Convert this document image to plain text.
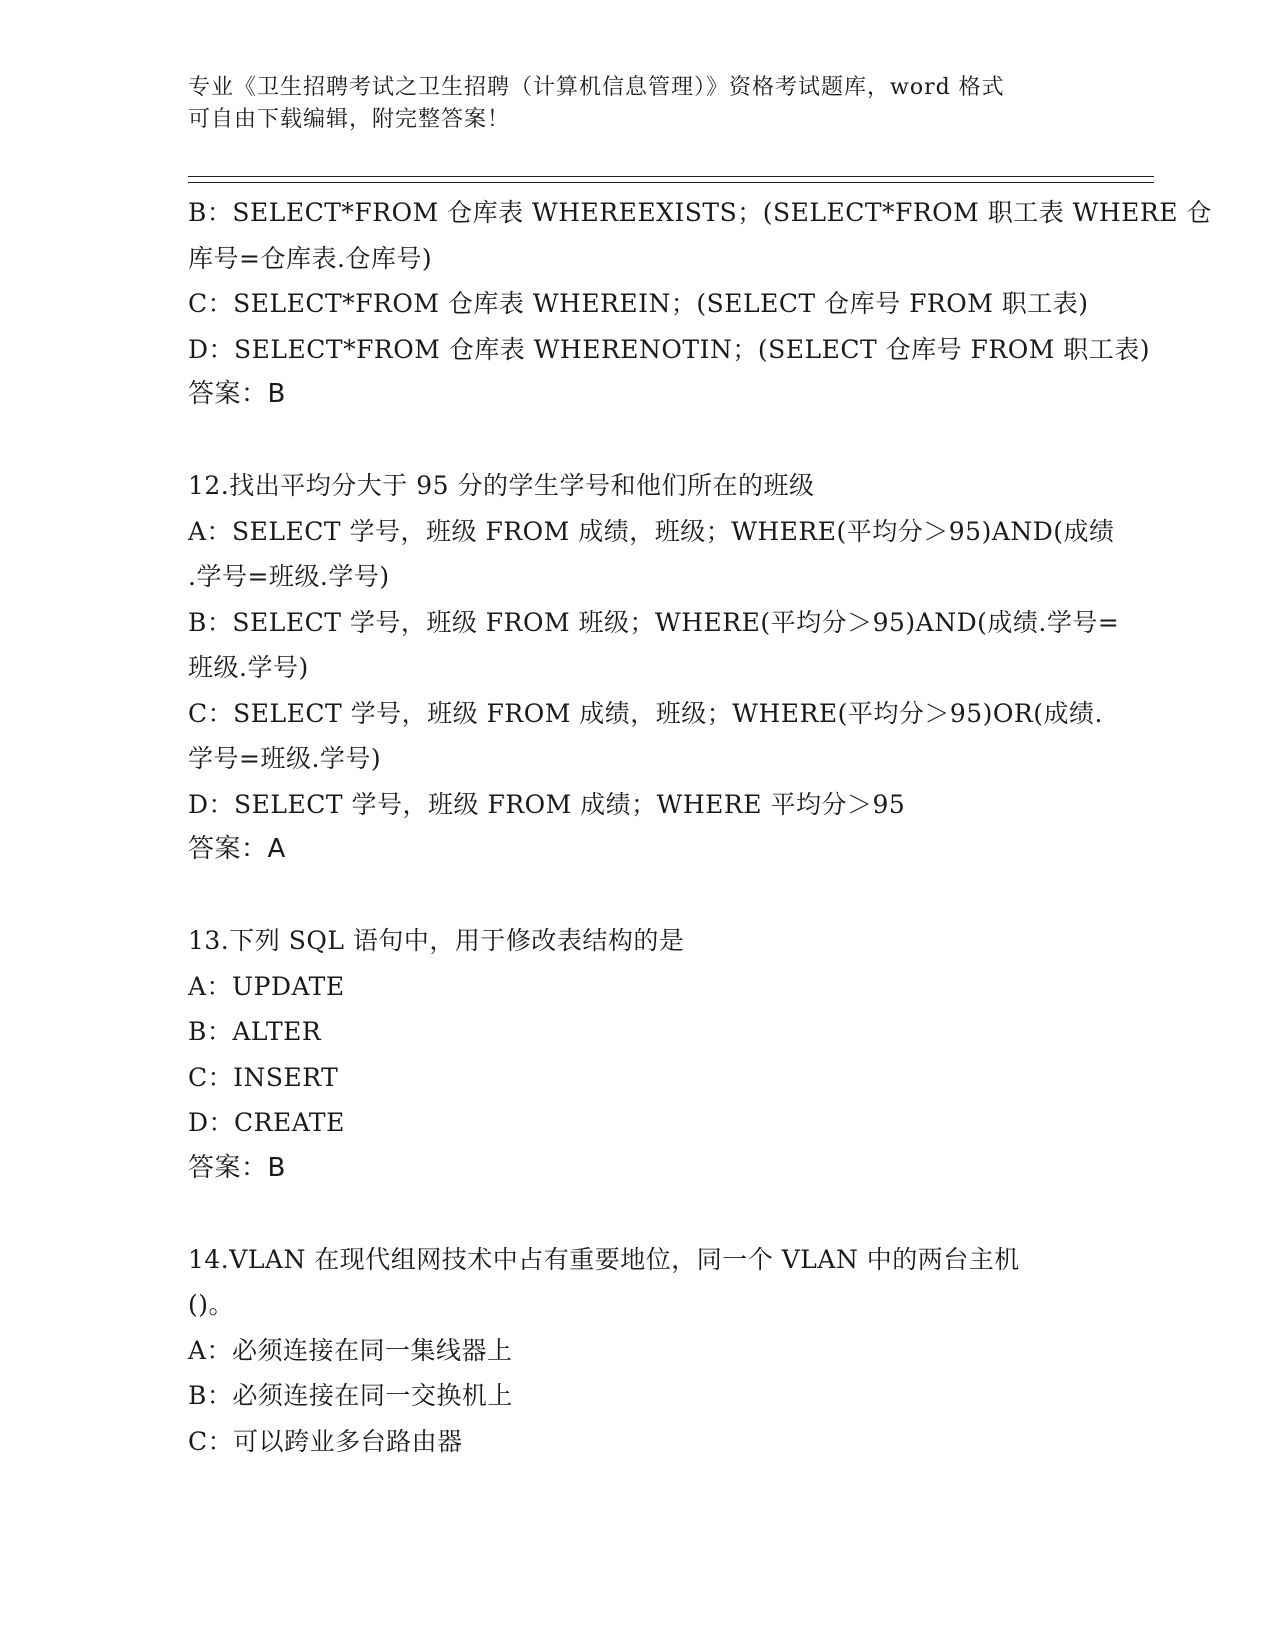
专业《卫生招聘考试之卫生招聘（计算机信息管理）》资格考试题库，word 格式
可自由下载编辑，附完整答案！
B：SELECT*FROM 仓库表 WHEREEXISTS；(SELECT*FROM 职工表 WHERE 仓
库号=仓库表.仓库号)
C：SELECT*FROM 仓库表 WHEREIN；(SELECT 仓库号 FROM 职工表)
D：SELECT*FROM 仓库表 WHERENOTIN；(SELECT 仓库号 FROM 职工表)
答案：B
12.找出平均分大于 95 分的学生学号和他们所在的班级
A：SELECT 学号，班级 FROM 成绩，班级；WHERE(平均分＞95)AND(成绩
.学号=班级.学号)
B：SELECT 学号，班级 FROM 班级；WHERE(平均分＞95)AND(成绩.学号=
班级.学号)
C：SELECT 学号，班级 FROM 成绩，班级；WHERE(平均分＞95)OR(成绩.
学号=班级.学号)
D：SELECT 学号，班级 FROM 成绩；WHERE 平均分＞95
答案：A
13.下列 SQL 语句中，用于修改表结构的是
A：UPDATE
B：ALTER
C：INSERT
D：CREATE
答案：B
14.VLAN 在现代组网技术中占有重要地位，同一个 VLAN 中的两台主机
()。
A：必须连接在同一集线器上
B：必须连接在同一交换机上
C：可以跨业多台路由器
